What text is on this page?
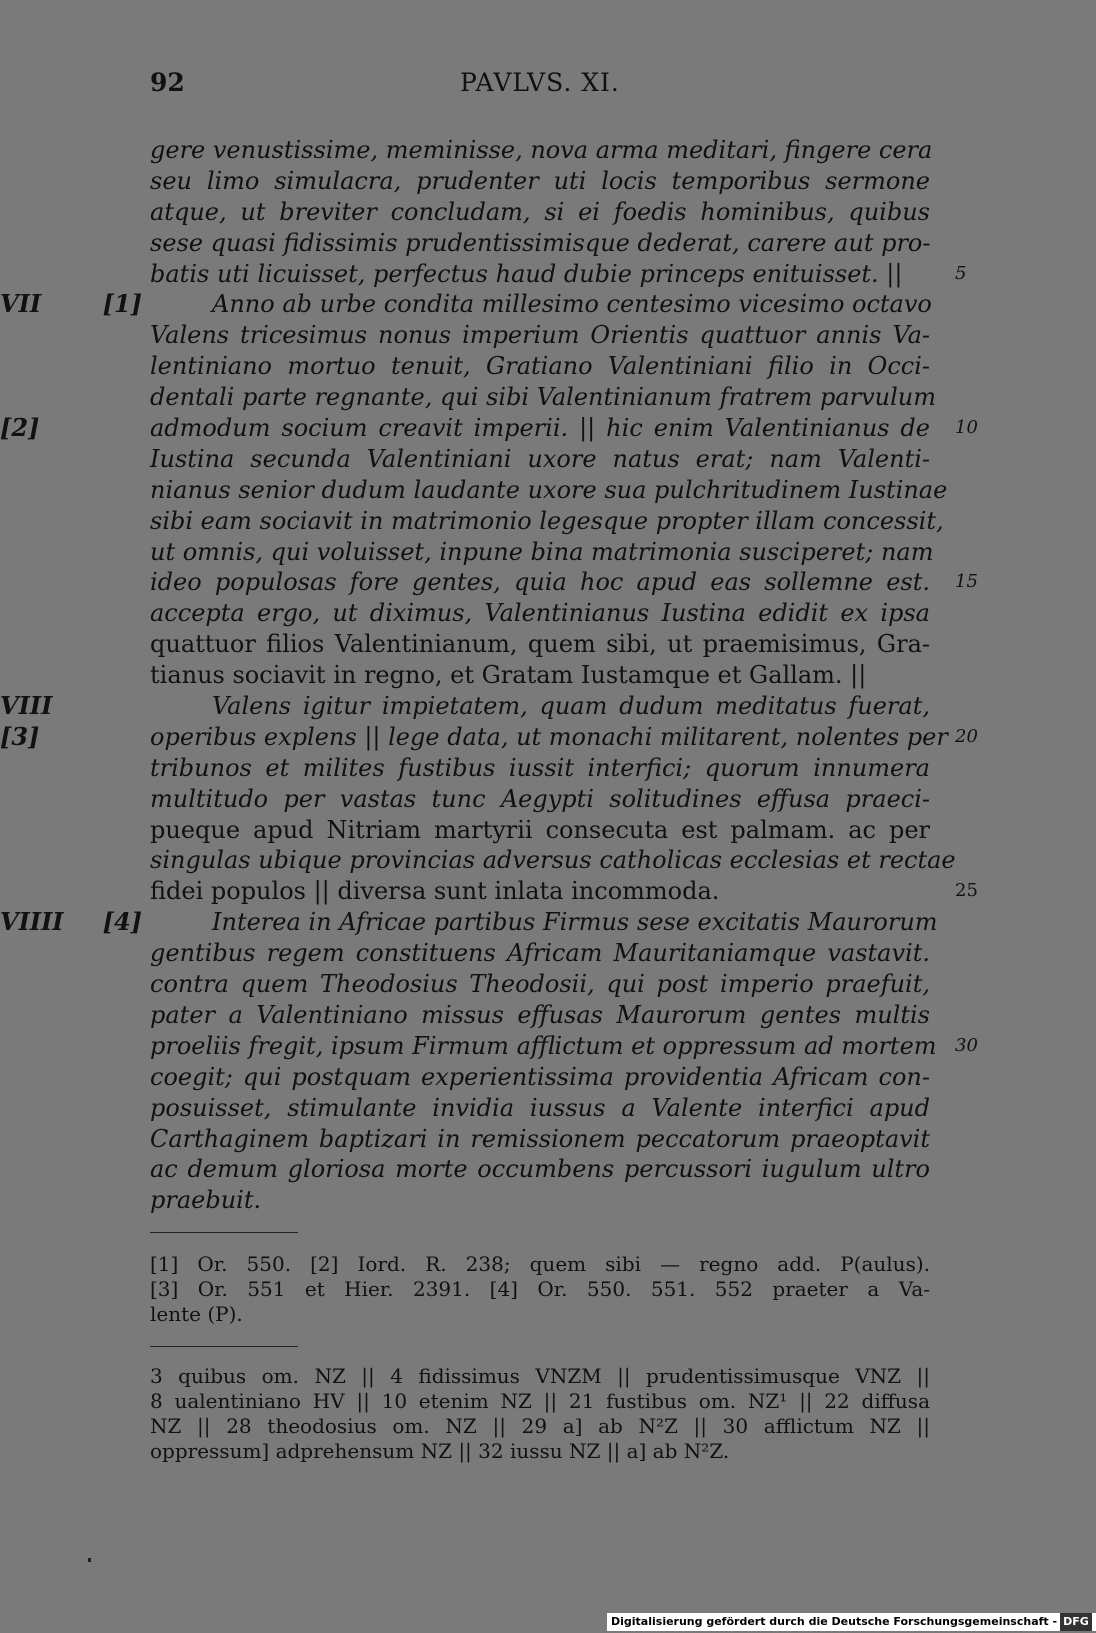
92	PAVLVS. XI.
gere venustissime, meminisse, nova arma meditari, fingere cera
seu limo simulacra, prudenter uti locis temporibus sermone
atque, ut breviter concludam, si ei foedis hominibus, quibus
sese quasi fidissimis prudentissimisque dederat, carere aut pro-
batis uti licuisset, perfectus haud dubie princeps enituisset. ||	5
Anno ab urbe condita millesimo centesimo vicesimo octavo
VII [1]
Valens tricesimus nonus imperium Orientis quattuor annis Va-
lentiniano mortuo tenuit, Gratiano Valentiniani filio in Occi-
dentali parte regnante, qui sibi Valentinianum fratrem parvulum
admodum socium creavit imperii. || hic enim Valentinianus de
[2]	10
Iustina secunda Valentiniani uxore natus erat; nam Valenti-
nianus senior dudum laudante uxore sua pulchritudinem Iustinae
sibi eam sociavit in matrimonio legesque propter illam concessit,
ut omnis, qui voluisset, inpune bina matrimonia susciperet; nam
ideo populosas fore gentes, quia hoc apud eas sollemne est. 15
accepta ergo, ut diximus, Valentinianus Iustina edidit ex ipsa
quattuor filios Valentinianum, quem sibi, ut praemisimus, Gra-
tianus sociavit in regno, et Gratam Iustamque et Gallam. ||
Valens igitur impietatem, quam dudum meditatus fuerat,
VIII
operibus explens || lege data, ut monachi militarent, nolentes per
[3]	20
tribunos et milites fustibus iussit interfici; quorum innumera
multitudo per vastas tunc Aegypti solitudines effusa praeci-
pueque apud Nitriam martyrii consecuta est palmam. ac per
singulas ubique provincias adversus catholicas ecclesias et rectae
fidei populos || diversa sunt inlata incommoda.	25
Interea in Africae partibus Firmus sese excitatis Maurorum
VIIII [4]
gentibus regem constituens Africam Mauritaniamque vastavit.
contra quem Theodosius Theodosii, qui post imperio praefuit,
pater a Valentiniano missus effusas Maurorum gentes multis
proeliis fregit, ipsum Firmum afflictum et oppressum ad mortem 30
coegit; qui postquam experientissima providentia Africam con-
posuisset, stimulante invidia iussus a Valente interfici apud
Carthaginem baptizari in remissionem peccatorum praeoptavit
ac demum gloriosa morte occumbens percussori iugulum ultro
praebuit.
[1] Or. 550. [2] Iord. R. 238; quem sibi — regno add. P(aulus).
[3] Or. 551 et Hier. 2391. [4] Or. 550. 551. 552 praeter a Va-
lente (P).
3 quibus om. NZ || 4 fidissimus VNZM || prudentissimusque VNZ ||
8 ualentiniano HV || 10 etenim NZ || 21 fustibus om. NZ¹ || 22 diffusa
NZ || 28 theodosius om. NZ || 29 a] ab N²Z || 30 afflictum NZ ||
oppressum] adprehensum NZ || 32 iussu NZ || a] ab N²Z.
Digitalisierung gefördert durch die Deutsche Forschungsgemeinschaft - DFG
